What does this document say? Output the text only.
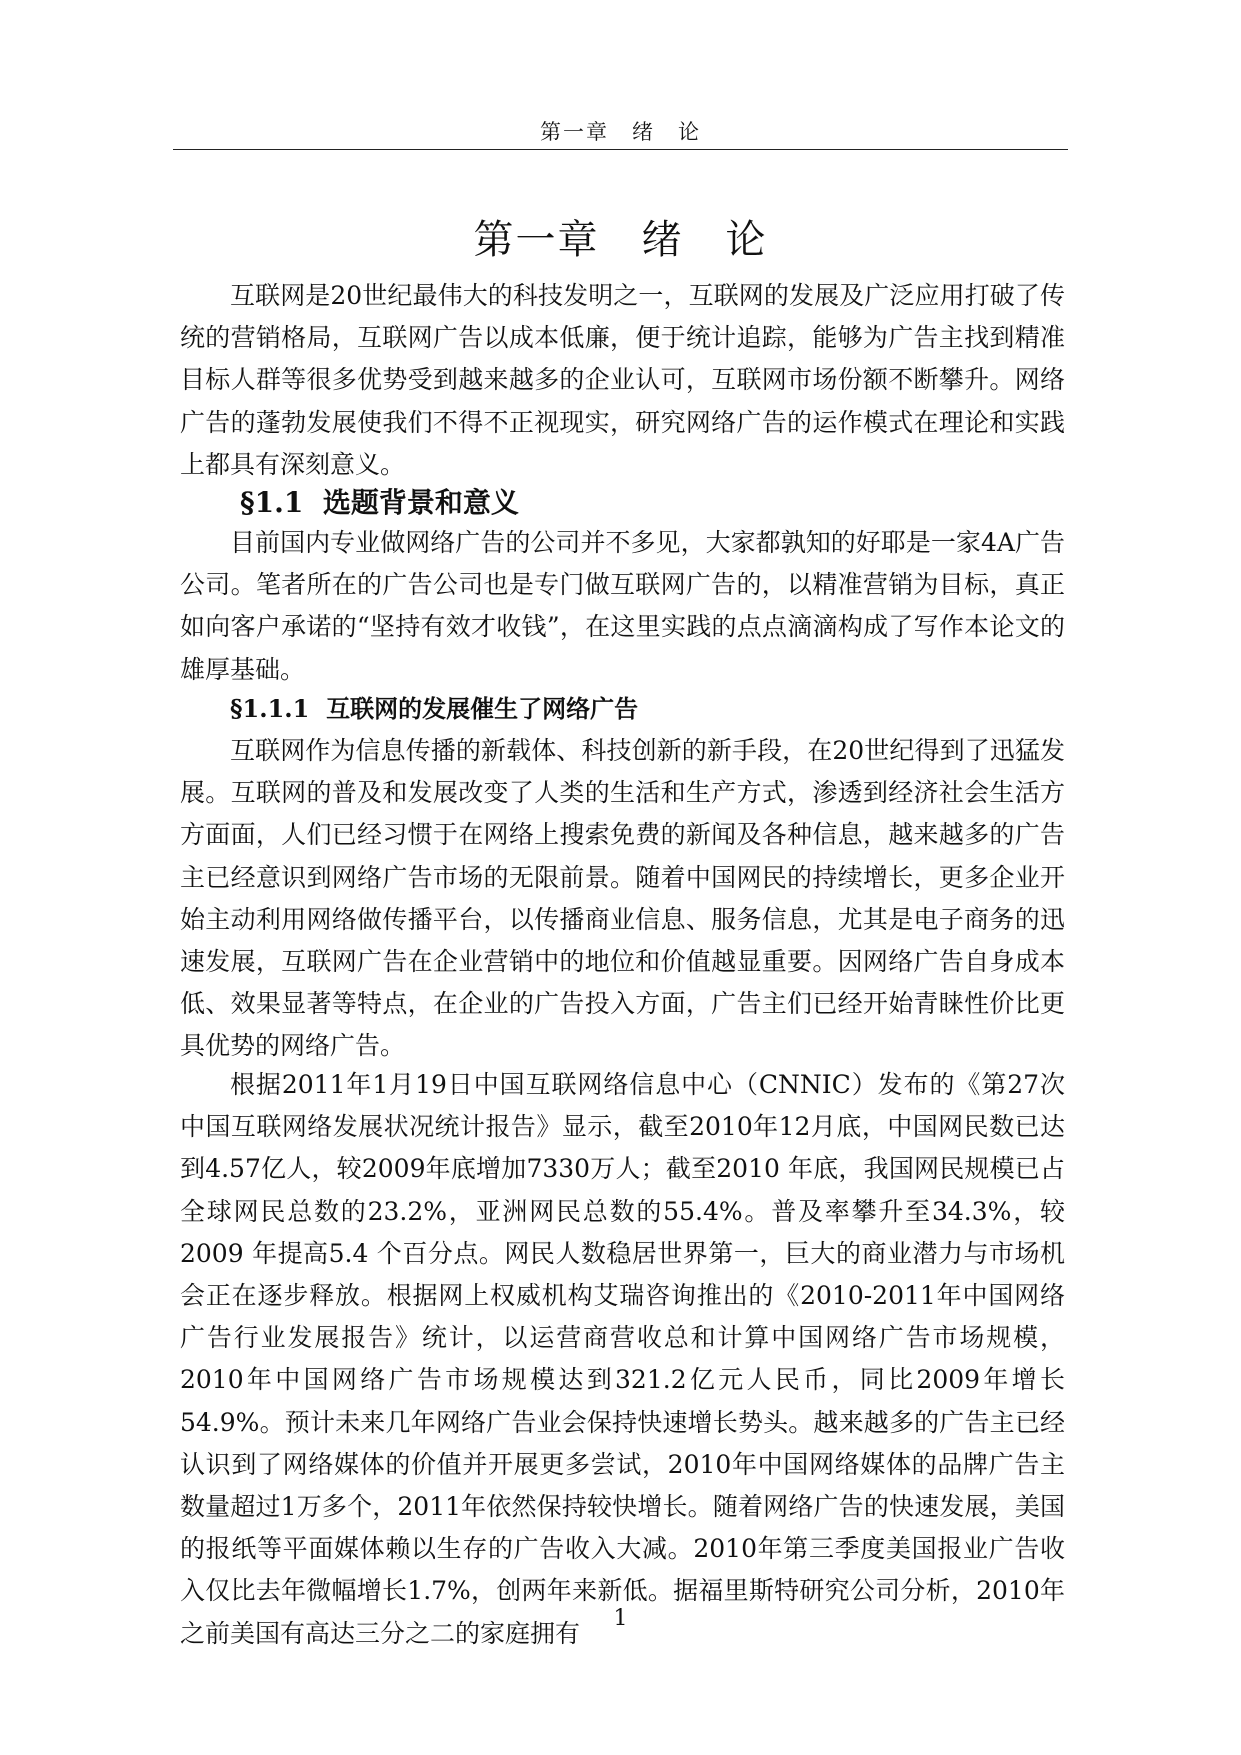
第一章　绪　论
第一章　绪　论

互联网是20世纪最伟大的科技发明之一，互联网的发展及广泛应用打破了传统的营销格局，互联网广告以成本低廉，便于统计追踪，能够为广告主找到精准目标人群等很多优势受到越来越多的企业认可，互联网市场份额不断攀升。网络广告的蓬勃发展使我们不得不正视现实，研究网络广告的运作模式在理论和实践上都具有深刻意义。

§1.1  选题背景和意义

目前国内专业做网络广告的公司并不多见，大家都孰知的好耶是一家4A广告公司。笔者所在的广告公司也是专门做互联网广告的，以精准营销为目标，真正如向客户承诺的“坚持有效才收钱”，在这里实践的点点滴滴构成了写作本论文的雄厚基础。

§1.1.1  互联网的发展催生了网络广告

互联网作为信息传播的新载体、科技创新的新手段，在20世纪得到了迅猛发展。互联网的普及和发展改变了人类的生活和生产方式，渗透到经济社会生活方方面面，人们已经习惯于在网络上搜索免费的新闻及各种信息，越来越多的广告主已经意识到网络广告市场的无限前景。随着中国网民的持续增长，更多企业开始主动利用网络做传播平台，以传播商业信息、服务信息，尤其是电子商务的迅速发展，互联网广告在企业营销中的地位和价值越显重要。因网络广告自身成本低、效果显著等特点，在企业的广告投入方面，广告主们已经开始青睐性价比更具优势的网络广告。

根据2011年1月19日中国互联网络信息中心（CNNIC）发布的《第27次中国互联网络发展状况统计报告》显示，截至2010年12月底，中国网民数已达到4.57亿人，较2009年底增加7330万人；截至2010 年底，我国网民规模已占全球网民总数的23.2%，亚洲网民总数的55.4%。普及率攀升至34.3%，较2009 年提高5.4 个百分点。网民人数稳居世界第一，巨大的商业潜力与市场机会正在逐步释放。根据网上权威机构艾瑞咨询推出的《2010-2011年中国网络广告行业发展报告》统计，以运营商营收总和计算中国网络广告市场规模，2010年中国网络广告市场规模达到321.2亿元人民币，同比2009年增长54.9%。预计未来几年网络广告业会保持快速增长势头。越来越多的广告主已经认识到了网络媒体的价值并开展更多尝试，2010年中国网络媒体的品牌广告主数量超过1万多个，2011年依然保持较快增长。随着网络广告的快速发展，美国的报纸等平面媒体赖以生存的广告收入大减。2010年第三季度美国报业广告收入仅比去年微幅增长1.7%，创两年来新低。据福里斯特研究公司分析，2010年之前美国有高达三分之二的家庭拥有

1
